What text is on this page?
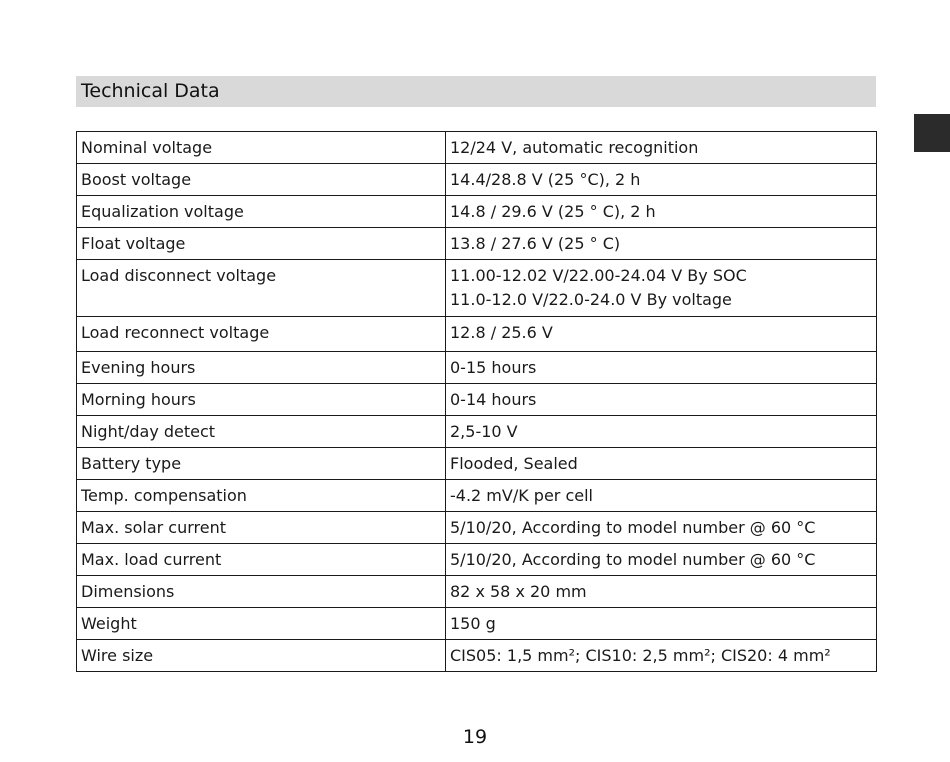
Technical Data
Nominal voltage	12/24 V, automatic recognition
Boost voltage	14.4/28.8 V (25 °C), 2 h
Equalization voltage	14.8 / 29.6 V (25 ° C), 2 h
Float voltage	13.8 / 27.6 V (25 ° C)
Load disconnect voltage	11.00-12.02 V/22.00-24.04 V By SOC
11.0-12.0 V/22.0-24.0 V By voltage

Load reconnect voltage	12.8 / 25.6 V
Evening hours	0-15 hours
Morning hours	0-14 hours
Night/day detect	2,5-10 V
Battery type	Flooded, Sealed
Temp. compensation	-4.2 mV/K per cell
Max. solar current	5/10/20, According to model number @ 60 °C
Max. load current	5/10/20, According to model number @ 60 °C
Dimensions	82 x 58 x 20 mm
Weight	150 g
Wire size	CIS05: 1,5 mm²; CIS10: 2,5 mm²; CIS20: 4 mm²
19
